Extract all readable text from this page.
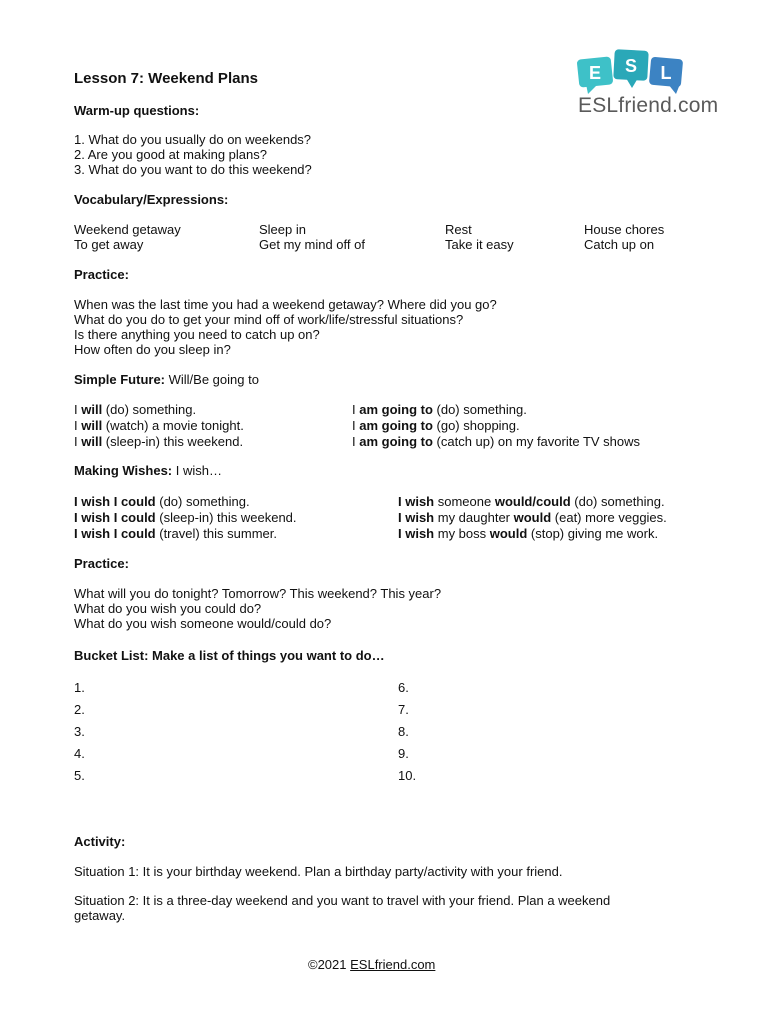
E S L
ESLfriend.com
Lesson 7: Weekend Plans
Warm-up questions:
1. What do you usually do on weekends?
2. Are you good at making plans?
3. What do you want to do this weekend?
Vocabulary/Expressions:
Weekend getaway
To get away
Sleep in
Get my mind off of
Rest
Take it easy
House chores
Catch up on
Practice:
When was the last time you had a weekend getaway? Where did you go?
What do you do to get your mind off of work/life/stressful situations?
Is there anything you need to catch up on?
How often do you sleep in?
Simple Future: Will/Be going to
I will (do) something.
I will (watch) a movie tonight.
I will (sleep-in) this weekend.
I am going to (do) something.
I am going to (go) shopping.
I am going to (catch up) on my favorite TV shows
Making Wishes: I wish…
I wish I could (do) something.
I wish I could (sleep-in) this weekend.
I wish I could (travel) this summer.
I wish someone would/could (do) something.
I wish my daughter would (eat) more veggies.
I wish my boss would (stop) giving me work.
Practice:
What will you do tonight? Tomorrow? This weekend? This year?
What do you wish you could do?
What do you wish someone would/could do?
Bucket List: Make a list of things you want to do…
1.
2.
3.
4.
5.
6.
7.
8.
9.
10.
Activity:
Situation 1: It is your birthday weekend. Plan a birthday party/activity with your friend.
Situation 2: It is a three-day weekend and you want to travel with your friend. Plan a weekend
getaway.
©2021 ESLfriend.com
